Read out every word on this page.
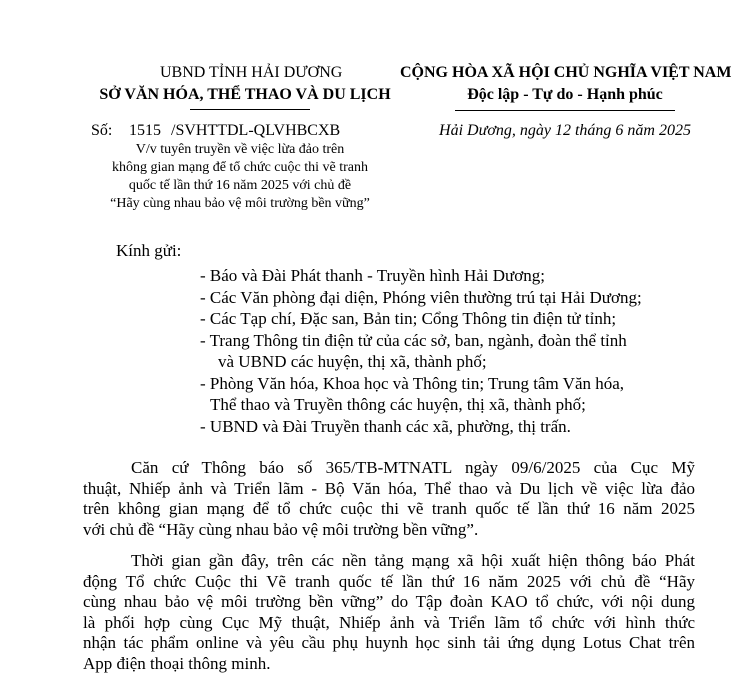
UBND TỈNH HẢI DƯƠNG
SỞ VĂN HÓA, THỂ THAO VÀ DU LỊCH
CỘNG HÒA XÃ HỘI CHỦ NGHĨA VIỆT NAM
Độc lập - Tự do - Hạnh phúc
Số: 1515 /SVHTTDL-QLVHBCXB	Hải Dương, ngày 12 tháng 6 năm 2025
V/v tuyên truyền về việc lừa đảo trên
không gian mạng để tổ chức cuộc thi vẽ tranh
quốc tế lần thứ 16 năm 2025 với chủ đề
“Hãy cùng nhau bảo vệ môi trường bền vững”
Kính gửi:
- Báo và Đài Phát thanh - Truyền hình Hải Dương;
- Các Văn phòng đại diện, Phóng viên thường trú tại Hải Dương;
- Các Tạp chí, Đặc san, Bản tin; Cổng Thông tin điện tử tỉnh;
- Trang Thông tin điện tử của các sở, ban, ngành, đoàn thể tỉnh
và UBND các huyện, thị xã, thành phố;
- Phòng Văn hóa, Khoa học và Thông tin; Trung tâm Văn hóa,
Thể thao và Truyền thông các huyện, thị xã, thành phố;
- UBND và Đài Truyền thanh các xã, phường, thị trấn.
Căn cứ Thông báo số 365/TB-MTNATL ngày 09/6/2025 của Cục Mỹ
thuật, Nhiếp ảnh và Triển lãm - Bộ Văn hóa, Thể thao và Du lịch về việc lừa đảo
trên không gian mạng để tổ chức cuộc thi vẽ tranh quốc tế lần thứ 16 năm 2025
với chủ đề “Hãy cùng nhau bảo vệ môi trường bền vững”.
Thời gian gần đây, trên các nền tảng mạng xã hội xuất hiện thông báo Phát
động Tổ chức Cuộc thi Vẽ tranh quốc tế lần thứ 16 năm 2025 với chủ đề “Hãy
cùng nhau bảo vệ môi trường bền vững” do Tập đoàn KAO tổ chức, với nội dung
là phối hợp cùng Cục Mỹ thuật, Nhiếp ảnh và Triển lãm tổ chức với hình thức
nhận tác phẩm online và yêu cầu phụ huynh học sinh tải ứng dụng Lotus Chat trên
App điện thoại thông minh.
